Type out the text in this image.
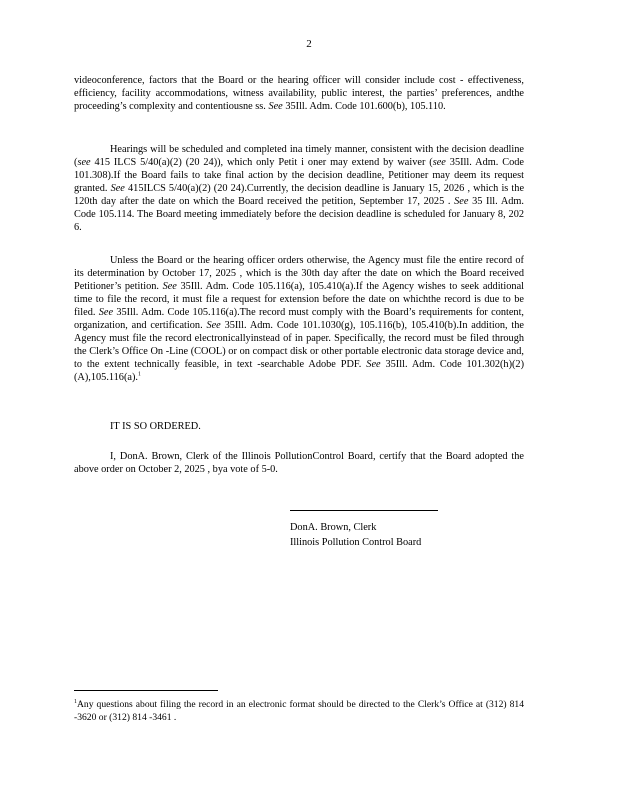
2

videoconference, factors that the Board or the hearing officer will consider include cost - effectiveness, efficiency, facility accommodations, witness availability, public interest, the parties’ preferences, andthe proceeding’s complexity and contentiousne ss. See 35Ill. Adm. Code 101.600(b), 105.110.

Hearings will be scheduled and completed ina timely manner, consistent with the decision deadline (see 415 ILCS 5/40(a)(2) (20 24)), which only Petit i oner may extend by waiver (see 35Ill. Adm. Code 101.308).If the Board fails to take final action by the decision deadline, Petitioner may deem its request granted. See 415ILCS 5/40(a)(2) (20 24).Currently, the decision deadline is January 15, 2026 , which is the 120th day after the date on which the Board received the petition, September 17, 2025 . See 35 Ill. Adm. Code 105.114. The Board meeting immediately before the decision deadline is scheduled for January 8, 202 6.

Unless the Board or the hearing officer orders otherwise, the Agency must file the entire record of its determination by October 17, 2025 , which is the 30th day after the date on which the Board received Petitioner’s petition. See 35Ill. Adm. Code 105.116(a), 105.410(a).If the Agency wishes to seek additional time to file the record, it must file a request for extension before the date on whichthe record is due to be filed. See 35Ill. Adm. Code 105.116(a).The record must comply with the Board’s requirements for content, organization, and certification. See 35Ill. Adm. Code 101.1030(g), 105.116(b), 105.410(b).In addition, the Agency must file the record electronicallyinstead of in paper. Specifically, the record must be filed through the Clerk’s Office On -Line (COOL) or on compact disk or other portable electronic data storage device and, to the extent technically feasible, in text -searchable Adobe PDF. See 35Ill. Adm. Code 101.302(h)(2)(A),105.116(a).$^1$

IT IS SO ORDERED.

I, DonA. Brown, Clerk of the Illinois PollutionControl Board, certify that the Board adopted the above order on October 2, 2025 , bya vote of 5-0.

DonA. Brown, Clerk
Illinois Pollution Control Board
$^1$Any questions about filing the record in an electronic format should be directed to the Clerk’s Office at (312) 814 -3620 or (312) 814 -3461 .
